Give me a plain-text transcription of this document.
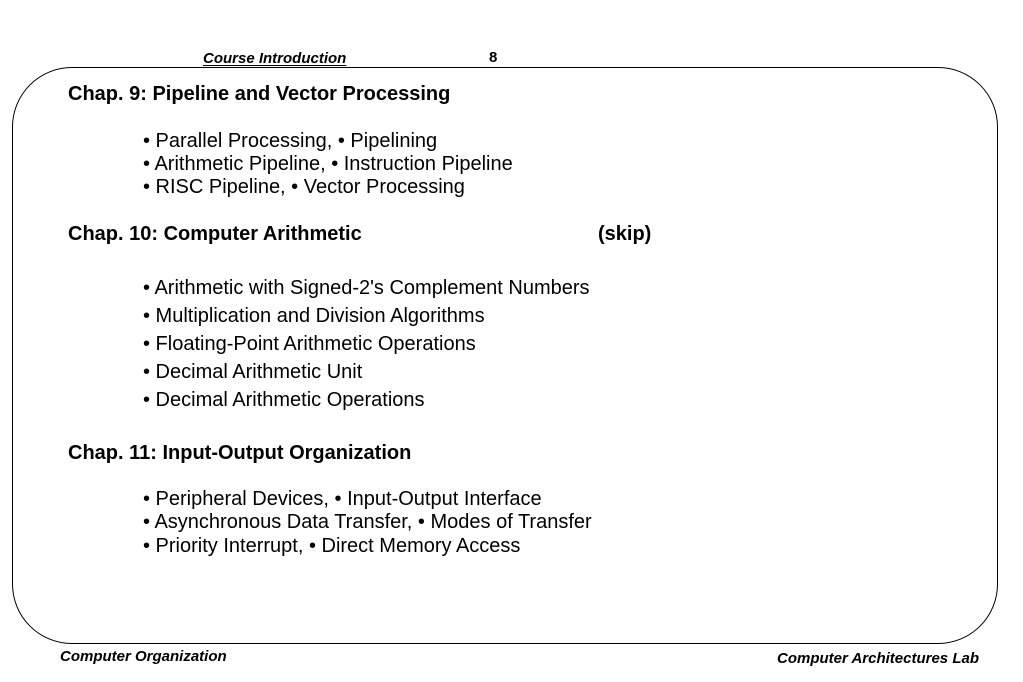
Course Introduction	8
Chap. 9: Pipeline and Vector Processing
• Parallel Processing, • Pipelining
• Arithmetic Pipeline, • Instruction Pipeline
• RISC Pipeline, • Vector Processing
Chap. 10: Computer Arithmetic	(skip)
• Arithmetic with Signed-2's Complement Numbers
• Multiplication and Division Algorithms
• Floating-Point Arithmetic Operations
• Decimal Arithmetic Unit
• Decimal Arithmetic Operations
Chap. 11: Input-Output Organization
• Peripheral Devices, • Input-Output Interface
• Asynchronous Data Transfer, • Modes of Transfer
• Priority Interrupt, • Direct Memory Access
Computer Organization	Computer Architectures Lab
